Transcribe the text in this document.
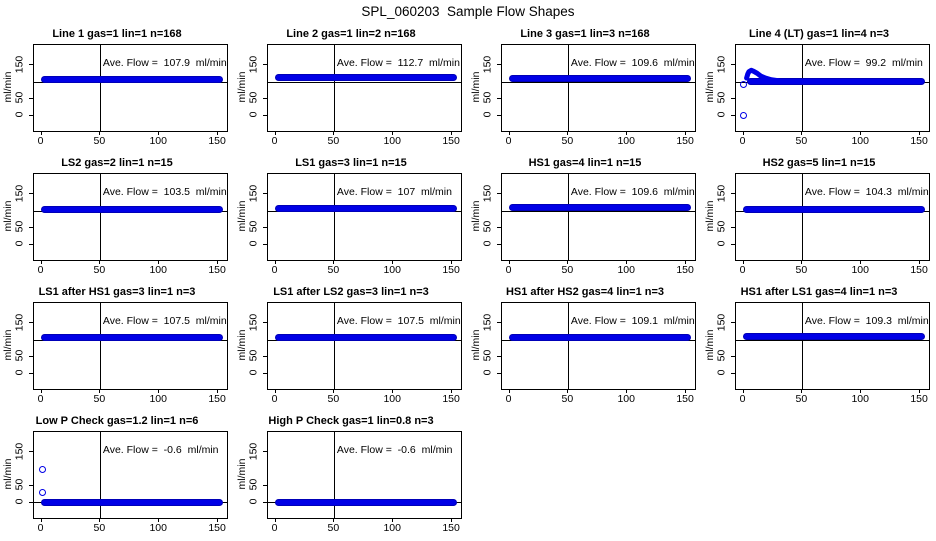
SPL_060203  Sample Flow Shapes
Line 1 gas=1 lin=1 n=168
Ave. Flow =  107.9  ml/min
ml/min
0
50
150
0	50	100	150
Line 2 gas=1 lin=2 n=168
Ave. Flow =  112.7  ml/min
ml/min
0
50
150
0	50	100	150
Line 3 gas=1 lin=3 n=168
Ave. Flow =  109.6  ml/min
ml/min
0
50
150
0	50	100	150
Line 4 (LT) gas=1 lin=4 n=3
Ave. Flow =  99.2  ml/min
ml/min
0
50
150
0	50	100	150
LS2 gas=2 lin=1 n=15
Ave. Flow =  103.5  ml/min
ml/min
0
50
150
0	50	100	150
LS1 gas=3 lin=1 n=15
Ave. Flow =  107  ml/min
ml/min
0
50
150
0	50	100	150
HS1 gas=4 lin=1 n=15
Ave. Flow =  109.6  ml/min
ml/min
0
50
150
0	50	100	150
HS2 gas=5 lin=1 n=15
Ave. Flow =  104.3  ml/min
ml/min
0
50
150
0	50	100	150
LS1 after HS1 gas=3 lin=1 n=3
Ave. Flow =  107.5  ml/min
ml/min
0
50
150
0	50	100	150
LS1 after LS2 gas=3 lin=1 n=3
Ave. Flow =  107.5  ml/min
ml/min
0
50
150
0	50	100	150
HS1 after HS2 gas=4 lin=1 n=3
Ave. Flow =  109.1  ml/min
ml/min
0
50
150
0	50	100	150
HS1 after LS1 gas=4 lin=1 n=3
Ave. Flow =  109.3  ml/min
ml/min
0
50
150
0	50	100	150
Low P Check gas=1.2 lin=1 n=6
Ave. Flow =  -0.6  ml/min
ml/min
0
50
150
0	50	100	150
High P Check gas=1 lin=0.8 n=3
Ave. Flow =  -0.6  ml/min
ml/min
0
50
150
0	50	100	150
